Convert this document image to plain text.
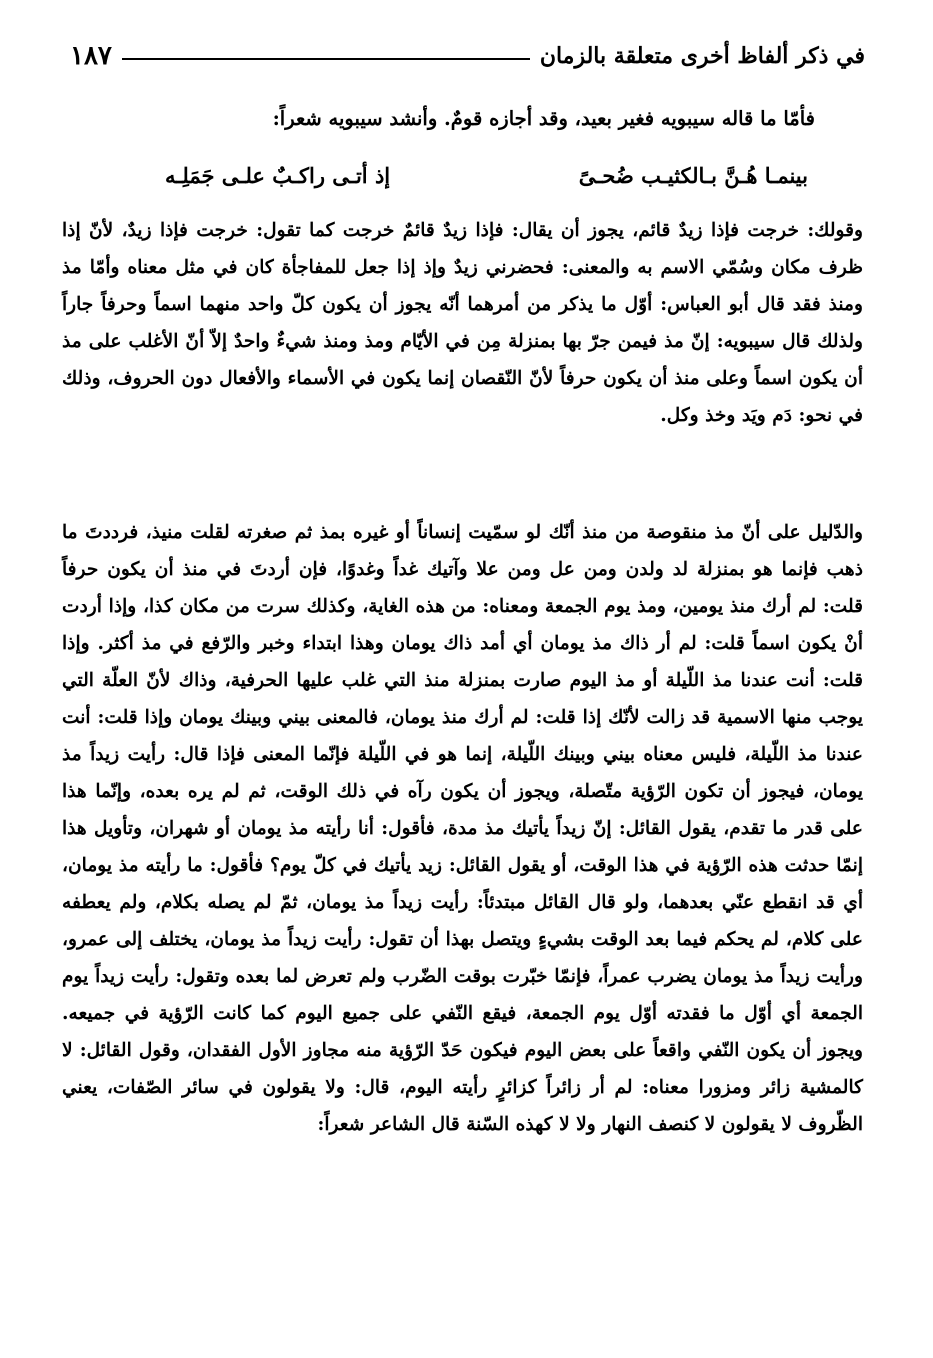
في ذكر ألفاظ أخرى متعلقة بالزمان
١٨٧
فأمّا ما قاله سيبويه فغير بعيد، وقد أجازه قومٌ. وأنشد سيبويه شعراً:
بينمـا هُـنَّ بـالكثيـب ضُحـىً
إذ أتـى راكـبٌ علـى جَمَلِـه
وقولك: خرجت فإذا زيدٌ قائم، يجوز أن يقال: فإذا زيدٌ قائمٌ خرجت كما تقول: خرجت فإذا زيدٌ، لأنّ إذا ظرف مكان وسُمّي الاسم به والمعنى: فحضرني زيدٌ وإذ إذا جعل للمفاجأة كان في مثل معناه وأمّا مذ ومنذ فقد قال أبو العباس: أوّل ما يذكر من أمرهما أنّه يجوز أن يكون كلّ واحد منهما اسماً وحرفاً جاراً ولذلك قال سيبويه: إنّ مذ فيمن جرّ بها بمنزلة مِن في الأيّام ومذ ومنذ شيءٌ واحدٌ إلاّ أنّ الأغلب على مذ أن يكون اسماً وعلى منذ أن يكون حرفاً لأنّ النّقصان إنما يكون في الأسماء والأفعال دون الحروف، وذلك في نحو: دَم ويَد وخذ وكل.
والدّليل على أنّ مذ منقوصة من منذ أنّك لو سمّيت إنساناً أو غيره بمذ ثم صغرته لقلت منيذ، فرددتَ ما ذهب فإنما هو بمنزلة لد ولدن ومن عل ومن علا وآتيك غداً وغدوًا، فإن أردتَ في منذ أن يكون حرفاً قلت: لم أرك منذ يومين، ومذ يوم الجمعة ومعناه: من هذه الغاية، وكذلك سرت من مكان كذا، وإذا أردت أنْ يكون اسماً قلت: لم أر ذاك مذ يومان أي أمد ذاك يومان وهذا ابتداء وخبر والرّفع في مذ أكثر. وإذا قلت: أنت عندنا مذ اللّيلة أو مذ اليوم صارت بمنزلة منذ التي غلب عليها الحرفية، وذاك لأنّ العلّة التي يوجب منها الاسمية قد زالت لأنّك إذا قلت: لم أرك منذ يومان، فالمعنى بيني وبينك يومان وإذا قلت: أنت عندنا مذ اللّيلة، فليس معناه بيني وبينك اللّيلة، إنما هو في اللّيلة فإنّما المعنى فإذا قال: رأيت زيداً مذ يومان، فيجوز أن تكون الرّؤية متّصلة، ويجوز أن يكون رآه في ذلك الوقت، ثم لم يره بعده، وإنّما هذا على قدر ما تقدم، يقول القائل: إنّ زيداً يأتيك مذ مدة، فأقول: أنا رأيته مذ يومان أو شهران، وتأويل هذا إنمّا حدثت هذه الرّؤية في هذا الوقت، أو يقول القائل: زيد يأتيك في كلّ يوم؟ فأقول: ما رأيته مذ يومان، أي قد انقطع عنّي بعدهما، ولو قال القائل مبتدئاً: رأيت زيداً مذ يومان، ثمّ لم يصله بكلام، ولم يعطفه على كلام، لم يحكم فيما بعد الوقت بشيءٍ ويتصل بهذا أن تقول: رأيت زيداً مذ يومان، يختلف إلى عمرو، ورأيت زيداً مذ يومان يضرب عمراً، فإنمّا خبّرت بوقت الضّرب ولم تعرض لما بعده وتقول: رأيت زيداً يوم الجمعة أي أوّل ما فقدته أوّل يوم الجمعة، فيقع النّفي على جميع اليوم كما كانت الرّؤية في جميعه. ويجوز أن يكون النّفي واقعاً على بعض اليوم فيكون حَدّ الرّؤية منه مجاوز الأول الفقدان، وقول القائل: لا كالمشية زائر ومزورا معناه: لم أر زائراً كزائرٍ رأيته اليوم، قال: ولا يقولون في سائر الصّفات، يعني الظّروف لا يقولون لا كنصف النهار ولا لا كهذه السّنة قال الشاعر شعراً:
